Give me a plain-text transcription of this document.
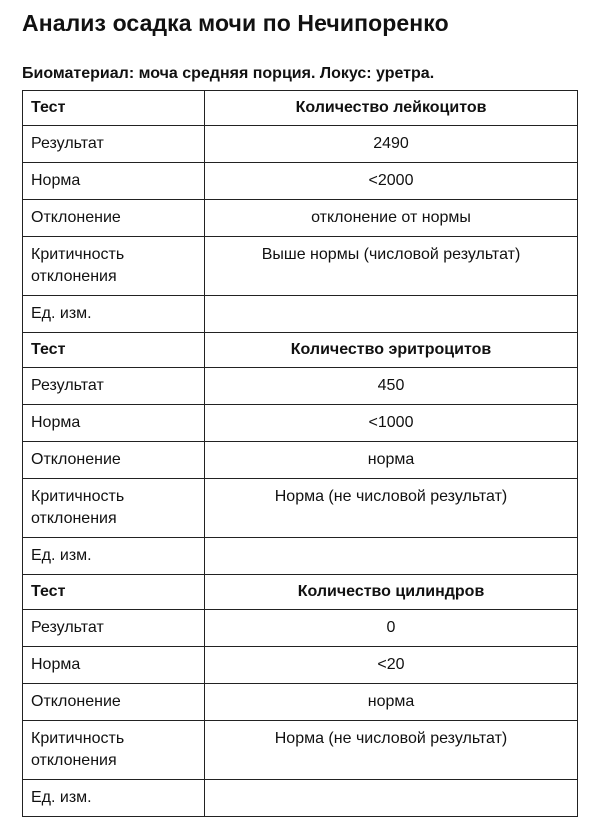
Анализ осадка мочи по Нечипоренко
Биоматериал: моча средняя порция. Локус: уретра.
Тест	Количество лейкоцитов
Результат	2490
Норма	<2000
Отклонение	отклонение от нормы
Критичность отклонения	Выше нормы (числовой результат)
Ед. изм.	
Тест	Количество эритроцитов
Результат	450
Норма	<1000
Отклонение	норма
Критичность отклонения	Норма (не числовой результат)
Ед. изм.	
Тест	Количество цилиндров
Результат	0
Норма	<20
Отклонение	норма
Критичность отклонения	Норма (не числовой результат)
Ед. изм.	
